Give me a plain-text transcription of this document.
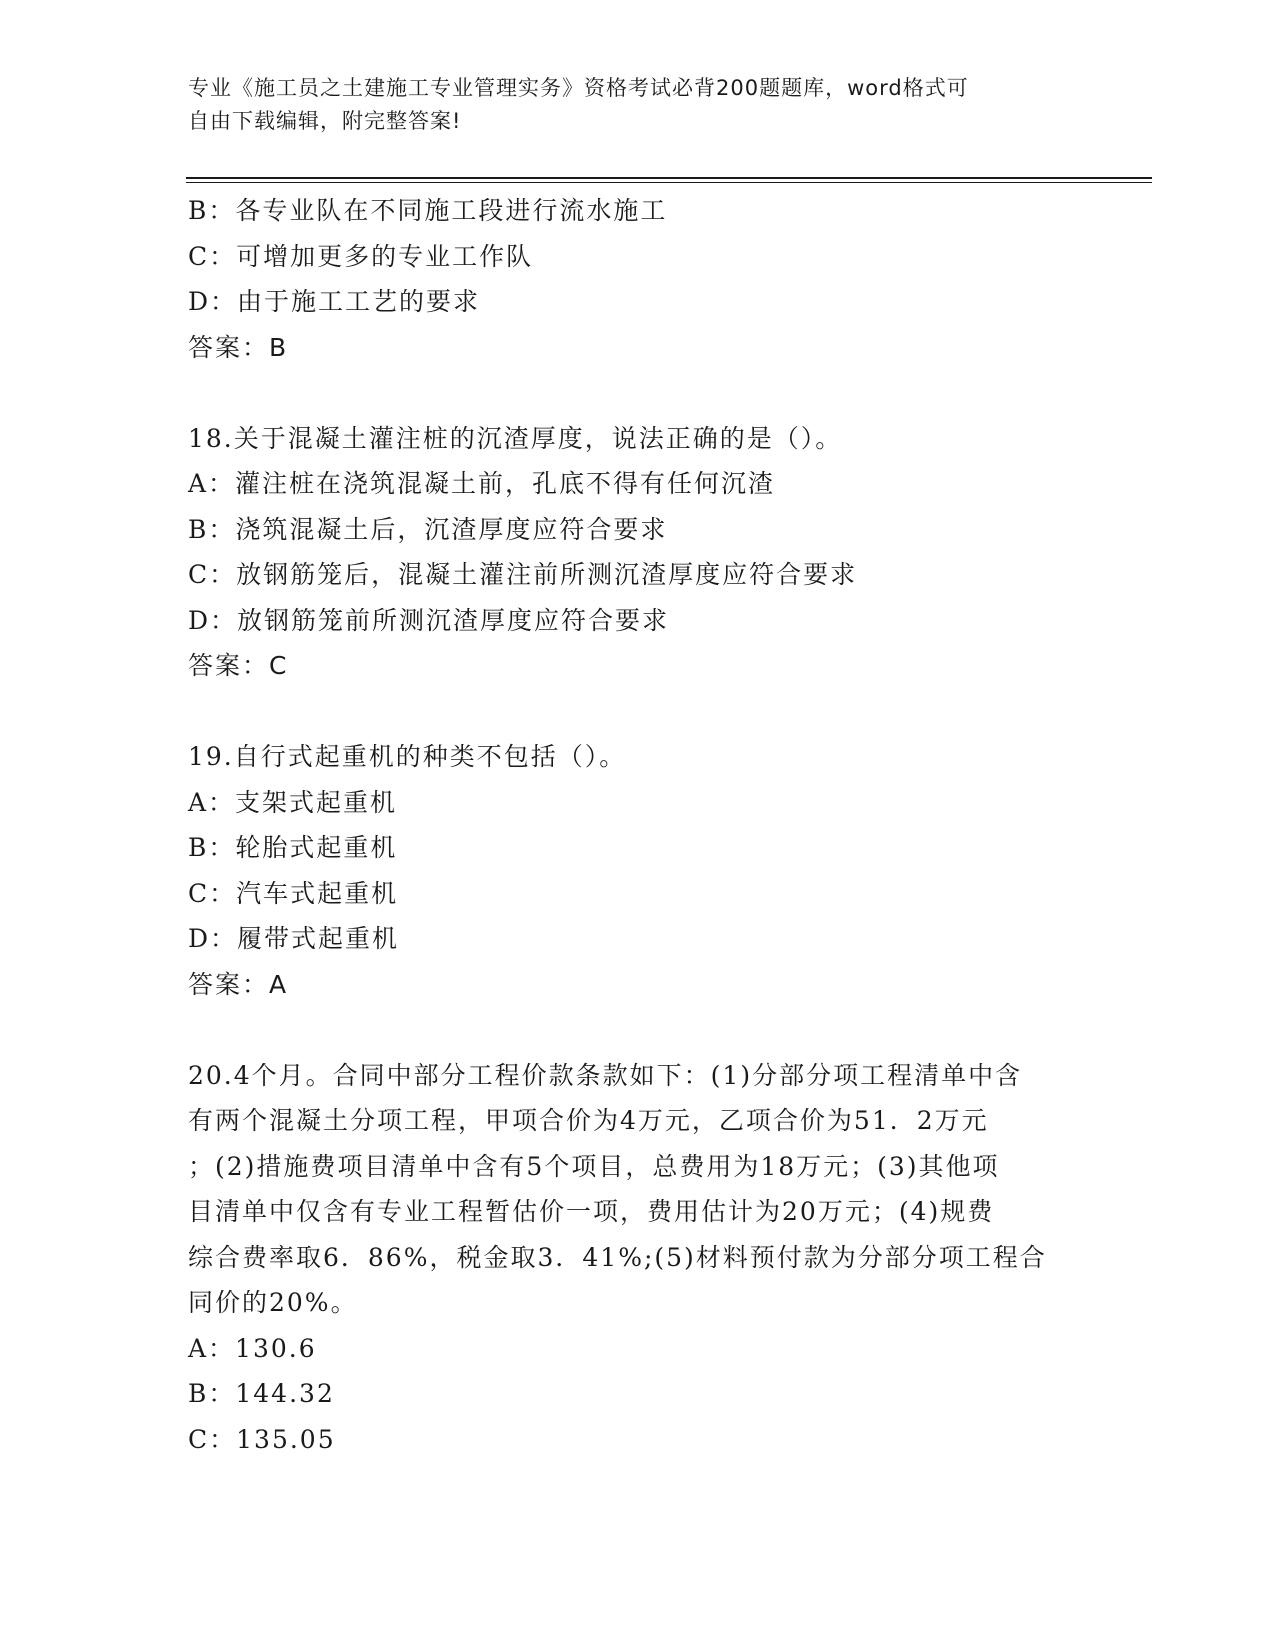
专业《施工员之土建施工专业管理实务》资格考试必背200题题库，word格式可
自由下载编辑，附完整答案!
B：各专业队在不同施工段进行流水施工
C：可增加更多的专业工作队
D：由于施工工艺的要求
答案：B
18.关于混凝土灌注桩的沉渣厚度，说法正确的是（）。
A：灌注桩在浇筑混凝土前，孔底不得有任何沉渣
B：浇筑混凝土后，沉渣厚度应符合要求
C：放钢筋笼后，混凝土灌注前所测沉渣厚度应符合要求
D：放钢筋笼前所测沉渣厚度应符合要求
答案：C
19.自行式起重机的种类不包括（）。
A：支架式起重机
B：轮胎式起重机
C：汽车式起重机
D：履带式起重机
答案：A
20.4个月。合同中部分工程价款条款如下：(1)分部分项工程清单中含
有两个混凝土分项工程，甲项合价为4万元，乙项合价为51．2万元
；(2)措施费项目清单中含有5个项目，总费用为18万元；(3)其他项
目清单中仅含有专业工程暂估价一项，费用估计为20万元；(4)规费
综合费率取6．86%，税金取3．41%;(5)材料预付款为分部分项工程合
同价的20%。
A：130.6
B：144.32
C：135.05
